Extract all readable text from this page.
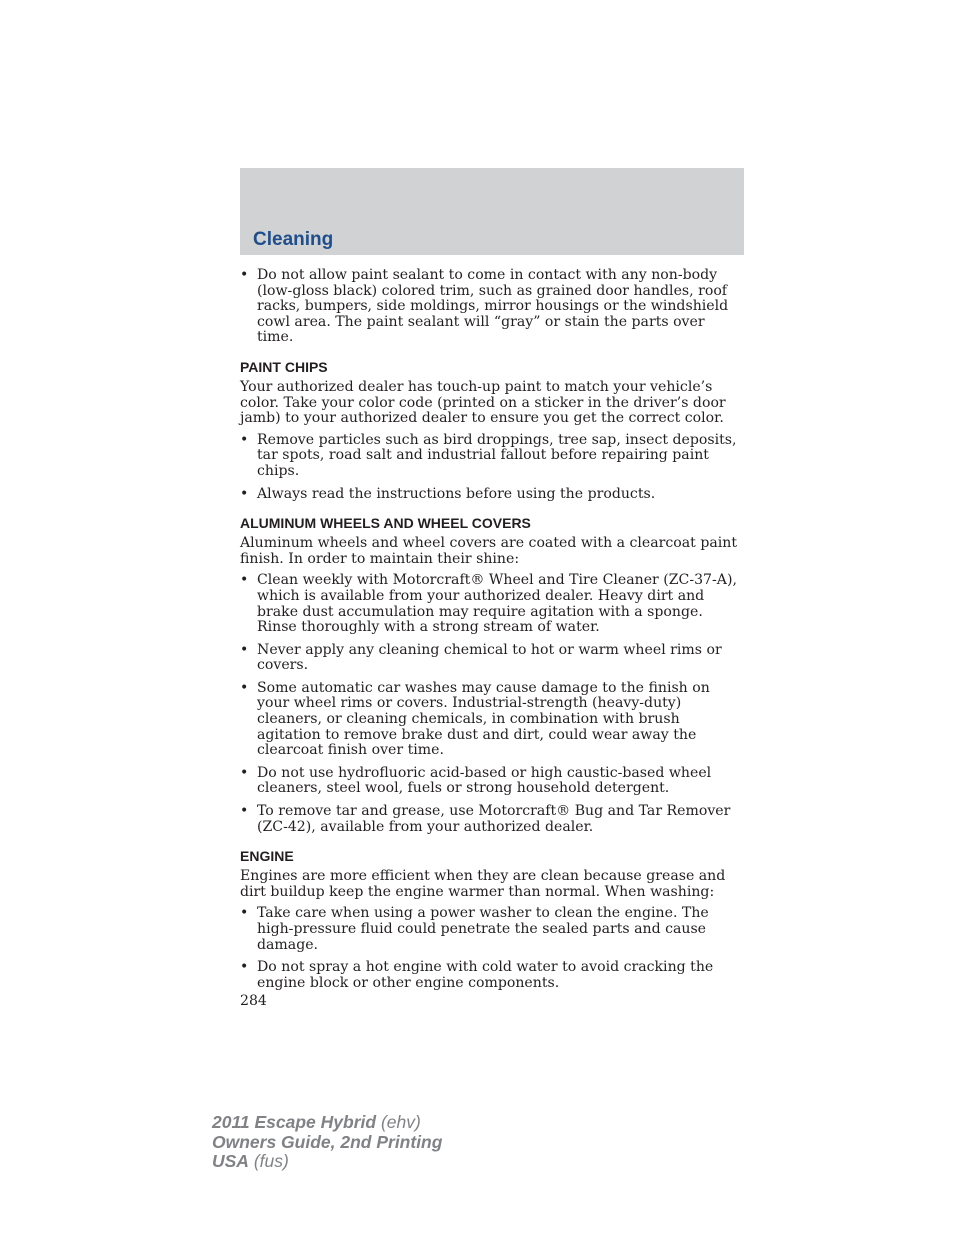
Cleaning
• Do not allow paint sealant to come in contact with any non-body (low-gloss black) colored trim, such as grained door handles, roof racks, bumpers, side moldings, mirror housings or the windshield cowl area. The paint sealant will “gray” or stain the parts over time.
PAINT CHIPS

Your authorized dealer has touch-up paint to match your vehicle’s color. Take your color code (printed on a sticker in the driver’s door jamb) to your authorized dealer to ensure you get the correct color.

• Remove particles such as bird droppings, tree sap, insect deposits, tar spots, road salt and industrial fallout before repairing paint chips.
• Always read the instructions before using the products.
ALUMINUM WHEELS AND WHEEL COVERS

Aluminum wheels and wheel covers are coated with a clearcoat paint finish. In order to maintain their shine:

• Clean weekly with Motorcraft® Wheel and Tire Cleaner (ZC-37-A), which is available from your authorized dealer. Heavy dirt and brake dust accumulation may require agitation with a sponge. Rinse thoroughly with a strong stream of water.
• Never apply any cleaning chemical to hot or warm wheel rims or covers.
• Some automatic car washes may cause damage to the finish on your wheel rims or covers. Industrial-strength (heavy-duty) cleaners, or cleaning chemicals, in combination with brush agitation to remove brake dust and dirt, could wear away the clearcoat finish over time.
• Do not use hydrofluoric acid-based or high caustic-based wheel cleaners, steel wool, fuels or strong household detergent.
• To remove tar and grease, use Motorcraft® Bug and Tar Remover (ZC-42), available from your authorized dealer.
ENGINE

Engines are more efficient when they are clean because grease and dirt buildup keep the engine warmer than normal. When washing:

• Take care when using a power washer to clean the engine. The high-pressure fluid could penetrate the sealed parts and cause damage.
• Do not spray a hot engine with cold water to avoid cracking the engine block or other engine components.
284
2011 Escape Hybrid (ehv)
Owners Guide, 2nd Printing
USA (fus)
